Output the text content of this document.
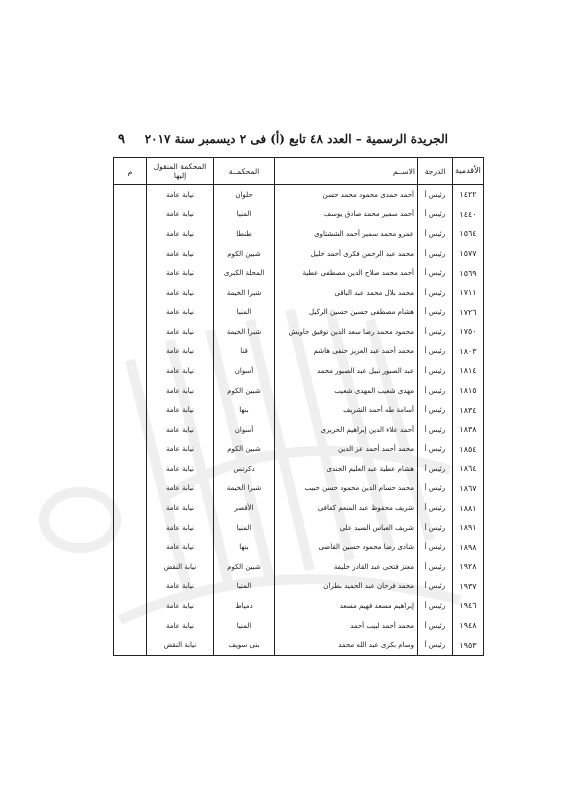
الجريدة الرسمية – العدد ٤٨ تابع (أ) فى ٢ ديسمبر سنة ٢٠١٧
٩
الأقدمية	الدرجة	الاســم	المحكمــة	المحكمة المنقول إليها	م
١٤٢٢	رئيس أ	أحمد حمدى محمود محمد حسن	حلوان	نيابة عامة	
١٤٤٠	رئيس أ	أحمد سمير محمد صادق يوسف	المنيا	نيابة عامة	
١٥٦٤	رئيس أ	عمرو محمد سمير أحمد الششتاوى	طنطا	نيابة عامة	
١٥٧٧	رئيس أ	محمد عبد الرحمن فكرى أحمد خليل	شبين الكوم	نيابة عامة	
١٥٦٩	رئيس أ	أحمد محمد صلاح الدين مصطفى عطية	المحلة الكبرى	نيابة عامة	
١٧١١	رئيس أ	محمد بلال محمد عبد الباقى	شبرا الخيمة	نيابة عامة	
١٧٢٦	رئيس أ	هشام مصطفى حسين حسين الركيل	المنيا	نيابة عامة	
١٧٥٠	رئيس أ	محمود محمد رضا سعد الدين توفيق جاويش	شبرا الخيمة	نيابة عامة	
١٨٠٣	رئيس أ	محمد أحمد عبد العزيز حنفى هاشم	قنا	نيابة عامة	
١٨١٤	رئيس أ	عبد الصبور نبيل عبد الصبور محمد	أسوان	نيابة عامة	
١٨١٥	رئيس أ	مهدى شعيب المهدى شعيب	شبين الكوم	نيابة عامة	
١٨٣٤	رئيس أ	أسامة طه أحمد الشريف	بنها	نيابة عامة	
١٨٣٨	رئيس أ	أحمد علاء الدين إبراهيم الحريرى	أسوان	نيابة عامة	
١٨٥٤	رئيس أ	محمد أحمد أحمد عز الدين	شبين الكوم	نيابة عامة	
١٨٦٤	رئيس أ	هشام عطية عبد العليم الجندى	دكرنس	نيابة عامة	
١٨٦٧	رئيس أ	محمد حسام الدين محمود حسن حبيب	شبرا الخيمة	نيابة عامة	
١٨٨١	رئيس أ	شريف محفوظ عبد المنعم كفافى	الأقصر	نيابة عامة	
١٨٩١	رئيس أ	شريف العباس السيد على	المنيا	نيابة عامة	
١٨٩٨	رئيس أ	شادى رضا محمود حسين القاضى	بنها	نيابة عامة	
١٩٢٨	رئيس أ	معتز فتحى عبد القادر خليفة	شبين الكوم	نيابة النقض	
١٩٣٧	رئيس أ	محمد فرحان عبد الحميد بطران	المنيا	نيابة عامة	
١٩٤٦	رئيس أ	إبراهيم مسعد فهيم مسعد	دمياط	نيابة عامة	
١٩٤٨	رئيس أ	محمد أحمد لبيب أحمد	المنيا	نيابة عامة	
١٩٥٣	رئيس أ	وسام بكرى عبد الله محمد	بنى سويف	نيابة النقض	
